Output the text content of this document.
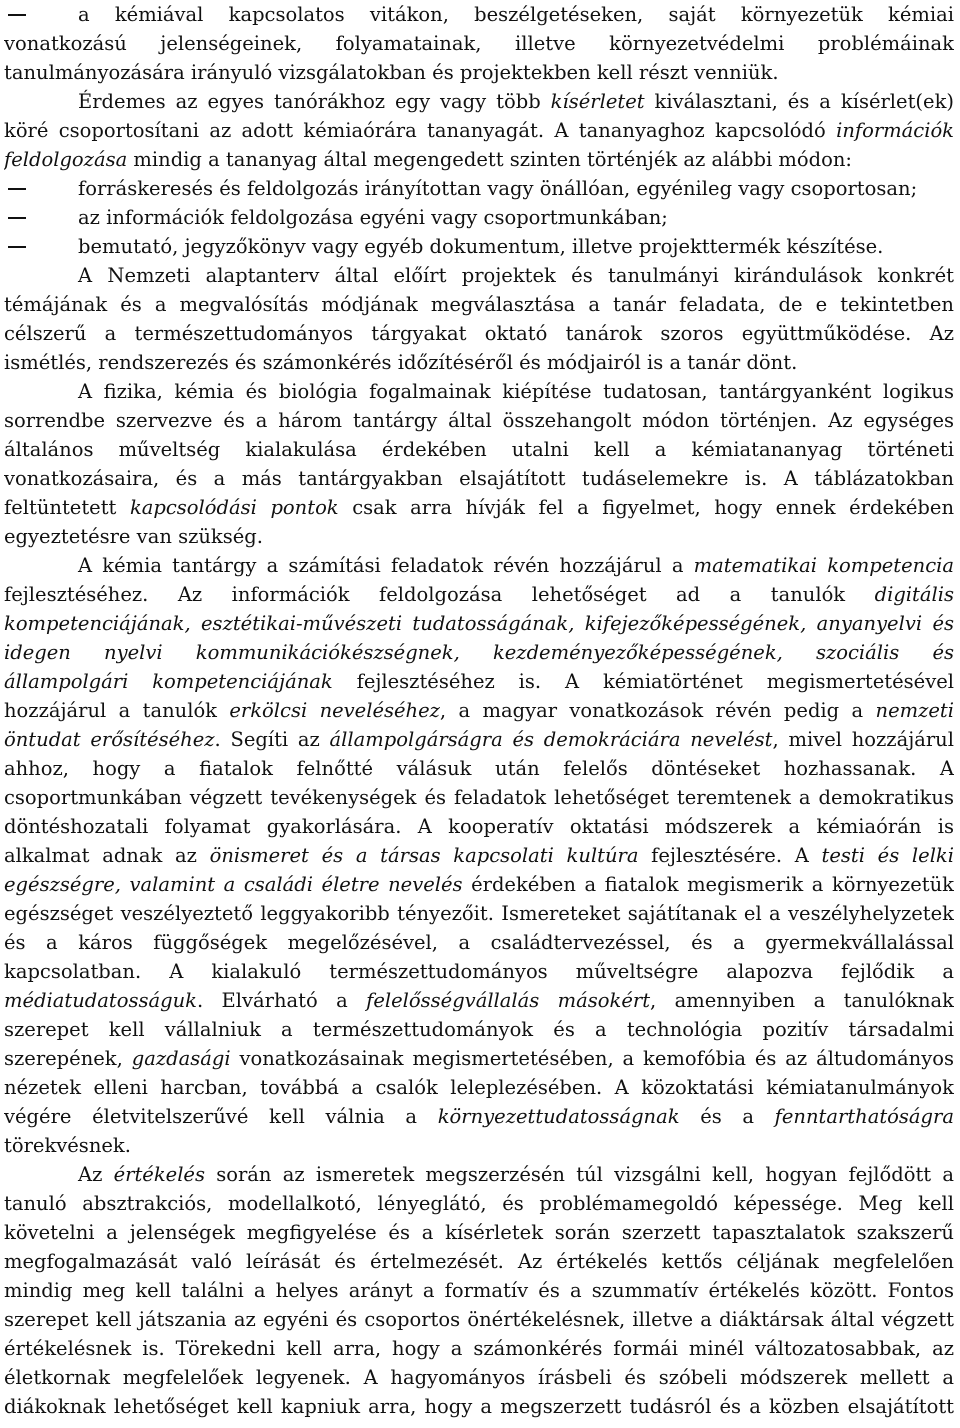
a kémiával kapcsolatos vitákon, beszélgetéseken, saját környezetük kémiai
vonatkozású jelenségeinek, folyamatainak, illetve környezetvédelmi problémáinak
tanulmányozására irányuló vizsgálatokban és projektekben kell részt venniük.
Érdemes az egyes tanórákhoz egy vagy több kísérletet kiválasztani, és a kísérlet(ek)
köré csoportosítani az adott kémiaórára tananyagát. A tananyaghoz kapcsolódó információk
feldolgozása mindig a tananyag által megengedett szinten történjék az alábbi módon:
forráskeresés és feldolgozás irányítottan vagy önállóan, egyénileg vagy csoportosan;
az információk feldolgozása egyéni vagy csoportmunkában;
bemutató, jegyzőkönyv vagy egyéb dokumentum, illetve projekttermék készítése.
A Nemzeti alaptanterv által előírt projektek és tanulmányi kirándulások konkrét
témájának és a megvalósítás módjának megválasztása a tanár feladata, de e tekintetben
célszerű a természettudományos tárgyakat oktató tanárok szoros együttműködése. Az
ismétlés, rendszerezés és számonkérés időzítéséről és módjairól is a tanár dönt.
A fizika, kémia és biológia fogalmainak kiépítése tudatosan, tantárgyanként logikus
sorrendbe szervezve és a három tantárgy által összehangolt módon történjen. Az egységes
általános műveltség kialakulása érdekében utalni kell a kémiatananyag történeti
vonatkozásaira, és a más tantárgyakban elsajátított tudáselemekre is. A táblázatokban
feltüntetett kapcsolódási pontok csak arra hívják fel a figyelmet, hogy ennek érdekében
egyeztetésre van szükség.
A kémia tantárgy a számítási feladatok révén hozzájárul a matematikai kompetencia
fejlesztéséhez. Az információk feldolgozása lehetőséget ad a tanulók digitális
kompetenciájának, esztétikai-művészeti tudatosságának, kifejezőképességének, anyanyelvi és
idegen nyelvi kommunikációkészségnek, kezdeményezőképességének, szociális és
állampolgári kompetenciájának fejlesztéséhez is. A kémiatörténet megismertetésével
hozzájárul a tanulók erkölcsi neveléséhez, a magyar vonatkozások révén pedig a nemzeti
öntudat erősítéséhez. Segíti az állampolgárságra és demokráciára nevelést, mivel hozzájárul
ahhoz, hogy a fiatalok felnőtté válásuk után felelős döntéseket hozhassanak. A
csoportmunkában végzett tevékenységek és feladatok lehetőséget teremtenek a demokratikus
döntéshozatali folyamat gyakorlására. A kooperatív oktatási módszerek a kémiaórán is
alkalmat adnak az önismeret és a társas kapcsolati kultúra fejlesztésére. A testi és lelki
egészségre, valamint a családi életre nevelés érdekében a fiatalok megismerik a környezetük
egészséget veszélyeztető leggyakoribb tényezőit. Ismereteket sajátítanak el a veszélyhelyzetek
és a káros függőségek megelőzésével, a családtervezéssel, és a gyermekvállalással
kapcsolatban. A kialakuló természettudományos műveltségre alapozva fejlődik a
médiatudatosságuk. Elvárható a felelősségvállalás másokért, amennyiben a tanulóknak
szerepet kell vállalniuk a természettudományok és a technológia pozitív társadalmi
szerepének, gazdasági vonatkozásainak megismertetésében, a kemofóbia és az áltudományos
nézetek elleni harcban, továbbá a csalók leleplezésében. A közoktatási kémiatanulmányok
végére életvitelszerűvé kell válnia a környezettudatosságnak és a fenntarthatóságra
törekvésnek.
Az értékelés során az ismeretek megszerzésén túl vizsgálni kell, hogyan fejlődött a
tanuló absztrakciós, modellalkotó, lényeglátó, és problémamegoldó képessége. Meg kell
követelni a jelenségek megfigyelése és a kísérletek során szerzett tapasztalatok szakszerű
megfogalmazását való leírását és értelmezését. Az értékelés kettős céljának megfelelően
mindig meg kell találni a helyes arányt a formatív és a szummatív értékelés között. Fontos
szerepet kell játszania az egyéni és csoportos önértékelésnek, illetve a diáktársak által végzett
értékelésnek is. Törekedni kell arra, hogy a számonkérés formái minél változatosabbak, az
életkornak megfelelőek legyenek. A hagyományos írásbeli és szóbeli módszerek mellett a
diákoknak lehetőséget kell kapniuk arra, hogy a megszerzett tudásról és a közben elsajátított
